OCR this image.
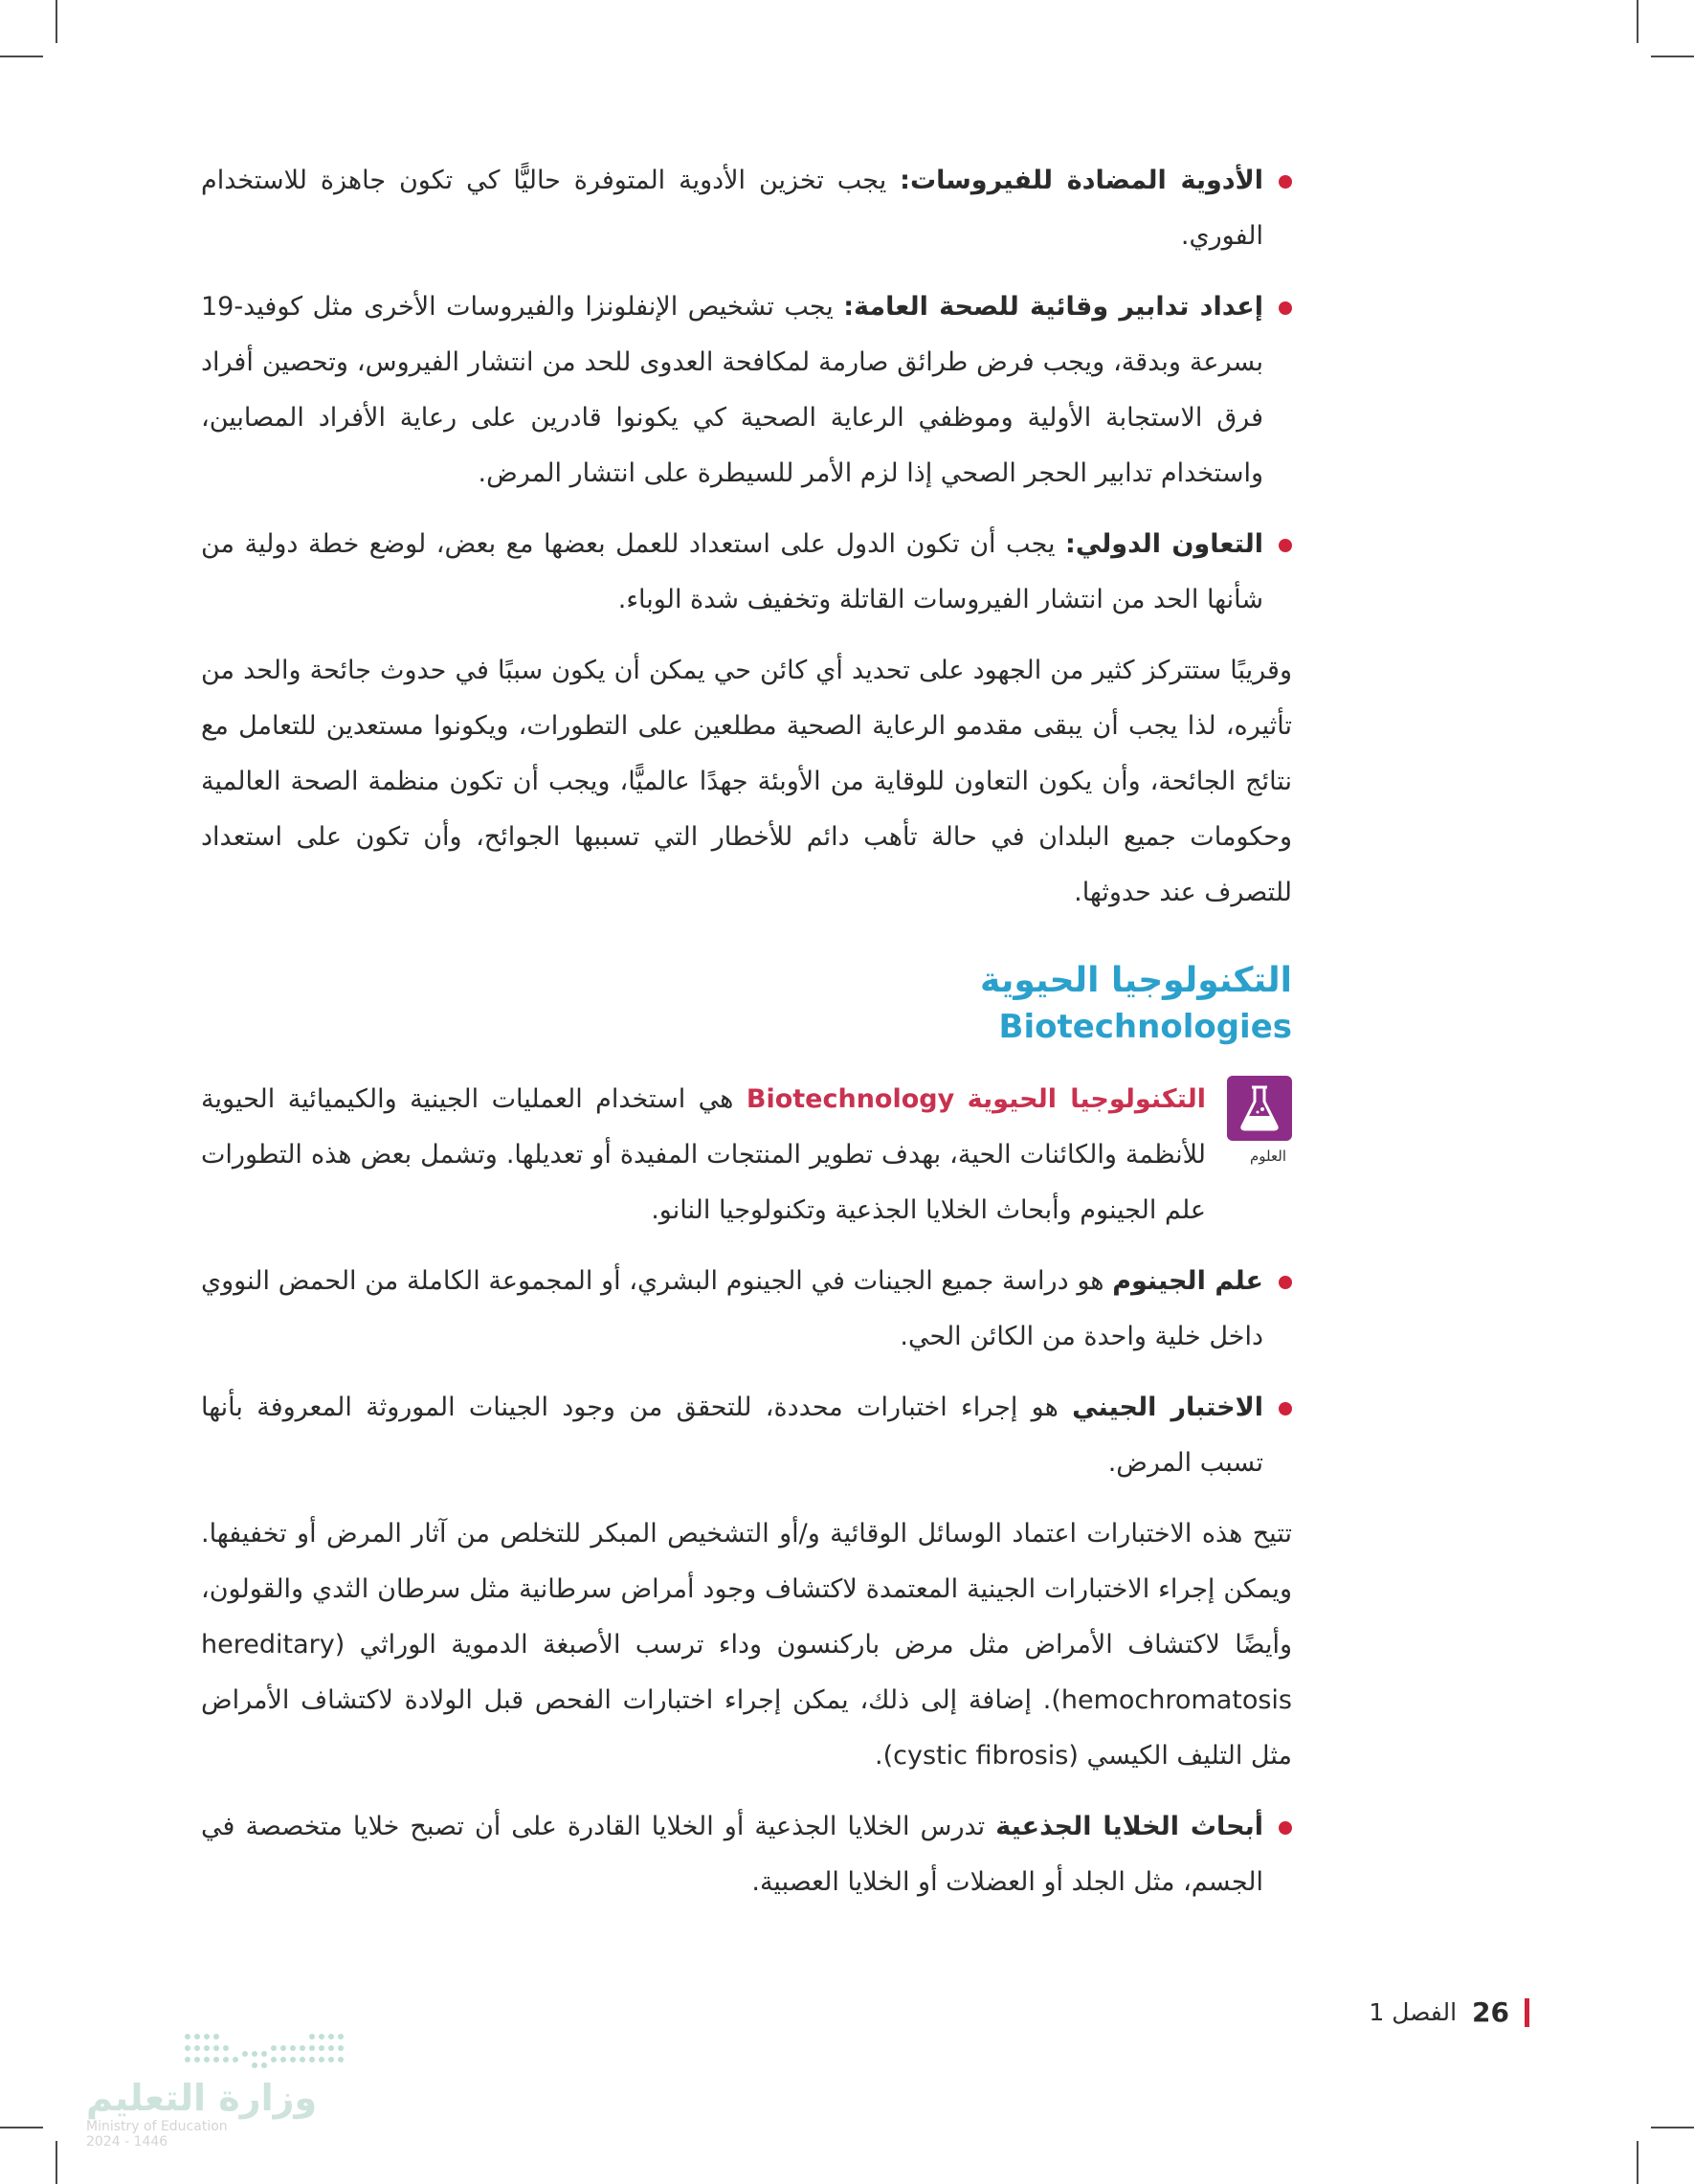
الأدوية المضادة للفيروسات: يجب تخزين الأدوية المتوفرة حاليًّا كي تكون جاهزة للاستخدام الفوري.
إعداد تدابير وقائية للصحة العامة: يجب تشخيص الإنفلونزا والفيروسات الأخرى مثل كوفيد-19 بسرعة وبدقة، ويجب فرض طرائق صارمة لمكافحة العدوى للحد من انتشار الفيروس، وتحصين أفراد فرق الاستجابة الأولية وموظفي الرعاية الصحية كي يكونوا قادرين على رعاية الأفراد المصابين، واستخدام تدابير الحجر الصحي إذا لزم الأمر للسيطرة على انتشار المرض.
التعاون الدولي: يجب أن تكون الدول على استعداد للعمل بعضها مع بعض، لوضع خطة دولية من شأنها الحد من انتشار الفيروسات القاتلة وتخفيف شدة الوباء.

وقريبًا ستتركز كثير من الجهود على تحديد أي كائن حي يمكن أن يكون سببًا في حدوث جائحة والحد من تأثيره، لذا يجب أن يبقى مقدمو الرعاية الصحية مطلعين على التطورات، ويكونوا مستعدين للتعامل مع نتائج الجائحة، وأن يكون التعاون للوقاية من الأوبئة جهدًا عالميًّا، ويجب أن تكون منظمة الصحة العالمية وحكومات جميع البلدان في حالة تأهب دائم للأخطار التي تسببها الجوائح، وأن تكون على استعداد للتصرف عند حدوثها.

التكنولوجيا الحيوية
Biotechnologies
العلوم
التكنولوجيا الحيوية Biotechnology هي استخدام العمليات الجينية والكيميائية الحيوية للأنظمة والكائنات الحية، بهدف تطوير المنتجات المفيدة أو تعديلها. وتشمل بعض هذه التطورات علم الجينوم وأبحاث الخلايا الجذعية وتكنولوجيا النانو.
علم الجينوم هو دراسة جميع الجينات في الجينوم البشري، أو المجموعة الكاملة من الحمض النووي داخل خلية واحدة من الكائن الحي.
الاختبار الجيني هو إجراء اختبارات محددة، للتحقق من وجود الجينات الموروثة المعروفة بأنها تسبب المرض.

تتيح هذه الاختبارات اعتماد الوسائل الوقائية و/أو التشخيص المبكر للتخلص من آثار المرض أو تخفيفها. ويمكن إجراء الاختبارات الجينية المعتمدة لاكتشاف وجود أمراض سرطانية مثل سرطان الثدي والقولون، وأيضًا لاكتشاف الأمراض مثل مرض باركنسون وداء ترسب الأصبغة الدموية الوراثي (hereditary hemochromatosis). إضافة إلى ذلك، يمكن إجراء اختبارات الفحص قبل الولادة لاكتشاف الأمراض مثل التليف الكيسي (cystic fibrosis).

أبحاث الخلايا الجذعية تدرس الخلايا الجذعية أو الخلايا القادرة على أن تصبح خلايا متخصصة في الجسم، مثل الجلد أو العضلات أو الخلايا العصبية.
وزارة التعليم
Ministry of Education
2024 - 1446
26
الفصل 1
